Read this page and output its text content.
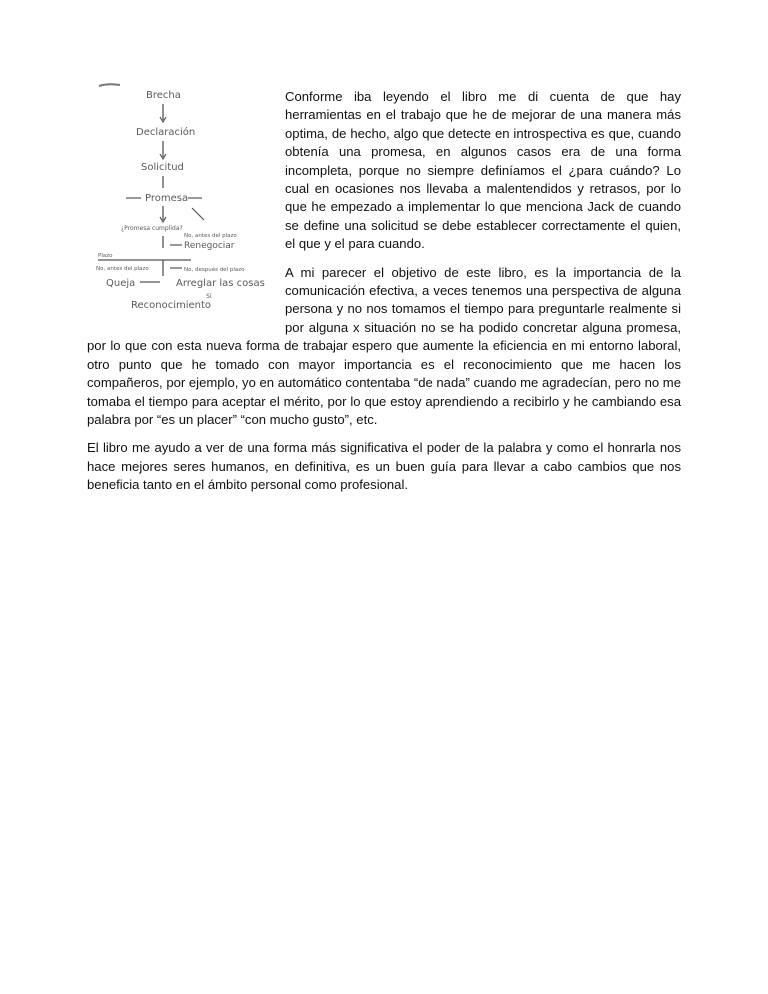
Brecha
Declaración
Solicitud
Promesa
¿Promesa cumplida?
No, antes del plazo
Renegociar
Plazo
No, antes del plazo	No, después del plazo
Queja	Arreglar las cosas
Sí
Reconocimiento

Conforme iba leyendo el libro me di cuenta de que hay herramientas en el trabajo que he de mejorar de una manera más optima, de hecho, algo que detecte en introspectiva es que, cuando obtenía una promesa, en algunos casos era de una forma incompleta, porque no siempre definíamos el ¿para cuándo? Lo cual en ocasiones nos llevaba a malentendidos y retrasos, por lo que he empezado a implementar lo que menciona Jack de cuando se define una solicitud se debe establecer correctamente el quien, el que y el para cuando.

A mi parecer el objetivo de este libro, es la importancia de la comunicación efectiva, a veces tenemos una perspectiva de alguna persona y no nos tomamos el tiempo para preguntarle realmente si por alguna x situación no se ha podido concretar alguna promesa, por lo que con esta nueva forma de trabajar espero que aumente la eficiencia en mi entorno laboral, otro punto que he tomado con mayor importancia es el reconocimiento que me hacen los compañeros, por ejemplo, yo en automático contentaba “de nada” cuando me agradecían, pero no me tomaba el tiempo para aceptar el mérito, por lo que estoy aprendiendo a recibirlo y he cambiando esa palabra por “es un placer” “con mucho gusto”, etc.

El libro me ayudo a ver de una forma más significativa el poder de la palabra y como el honrarla nos hace mejores seres humanos, en definitiva, es un buen guía para llevar a cabo cambios que nos beneficia tanto en el ámbito personal como profesional.
